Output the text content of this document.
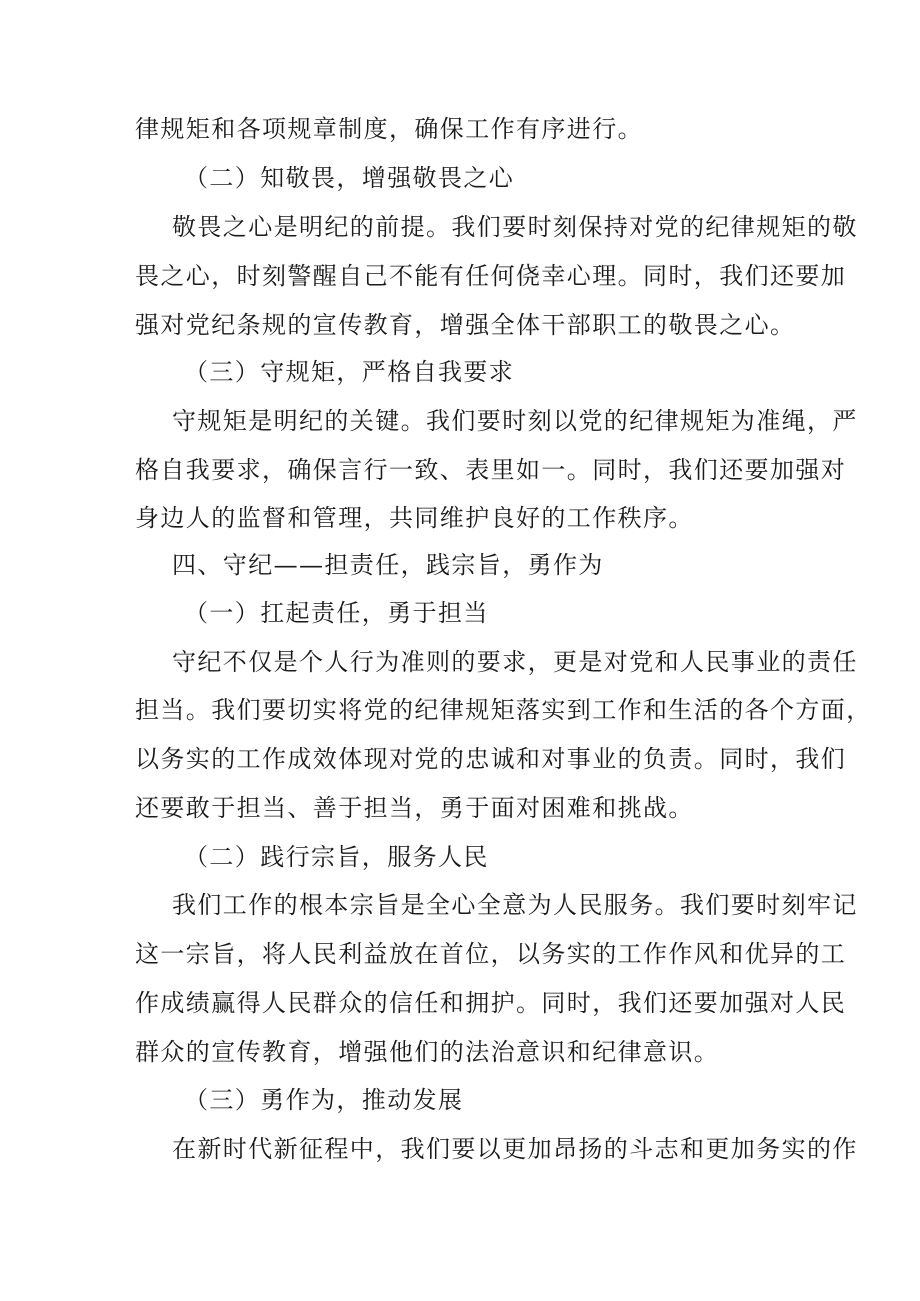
律规矩和各项规章制度，确保工作有序进行。
（二）知敬畏，增强敬畏之心
敬畏之心是明纪的前提。我们要时刻保持对党的纪律规矩的敬
畏之心，时刻警醒自己不能有任何侥幸心理。同时，我们还要加
强对党纪条规的宣传教育，增强全体干部职工的敬畏之心。
（三）守规矩，严格自我要求
守规矩是明纪的关键。我们要时刻以党的纪律规矩为准绳，严
格自我要求，确保言行一致、表里如一。同时，我们还要加强对
身边人的监督和管理，共同维护良好的工作秩序。
四、守纪——担责任，践宗旨，勇作为
（一）扛起责任，勇于担当
守纪不仅是个人行为准则的要求，更是对党和人民事业的责任
担当。我们要切实将党的纪律规矩落实到工作和生活的各个方面，
以务实的工作成效体现对党的忠诚和对事业的负责。同时，我们
还要敢于担当、善于担当，勇于面对困难和挑战。
（二）践行宗旨，服务人民
我们工作的根本宗旨是全心全意为人民服务。我们要时刻牢记
这一宗旨，将人民利益放在首位，以务实的工作作风和优异的工
作成绩赢得人民群众的信任和拥护。同时，我们还要加强对人民
群众的宣传教育，增强他们的法治意识和纪律意识。
（三）勇作为，推动发展
在新时代新征程中，我们要以更加昂扬的斗志和更加务实的作
